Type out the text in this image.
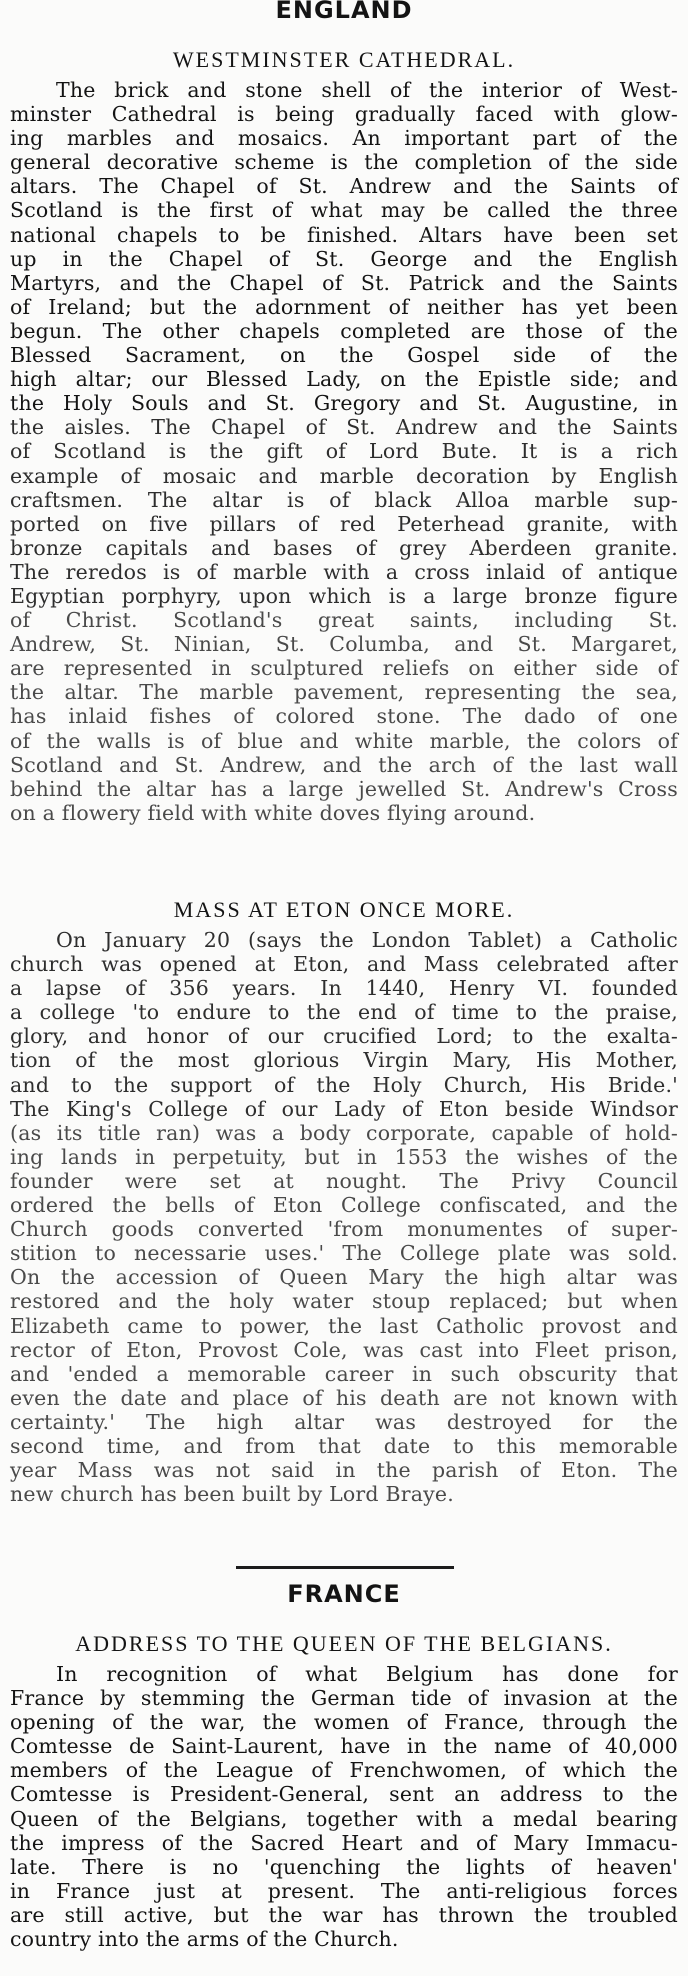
ENGLAND
WESTMINSTER CATHEDRAL.
The brick and stone shell of the interior of West-
minster Cathedral is being gradually faced with glow-
ing marbles and mosaics. An important part of the
general decorative scheme is the completion of the side
altars. The Chapel of St. Andrew and the Saints of
Scotland is the first of what may be called the three
national chapels to be finished. Altars have been set
up in the Chapel of St. George and the English
Martyrs, and the Chapel of St. Patrick and the Saints
of Ireland; but the adornment of neither has yet been
begun. The other chapels completed are those of the
Blessed Sacrament, on the Gospel side of the
high altar; our Blessed Lady, on the Epistle side; and
the Holy Souls and St. Gregory and St. Augustine, in
the aisles. The Chapel of St. Andrew and the Saints
of Scotland is the gift of Lord Bute. It is a rich
example of mosaic and marble decoration by English
craftsmen. The altar is of black Alloa marble sup-
ported on five pillars of red Peterhead granite, with
bronze capitals and bases of grey Aberdeen granite.
The reredos is of marble with a cross inlaid of antique
Egyptian porphyry, upon which is a large bronze figure
of Christ. Scotland's great saints, including St.
Andrew, St. Ninian, St. Columba, and St. Margaret,
are represented in sculptured reliefs on either side of
the altar. The marble pavement, representing the sea,
has inlaid fishes of colored stone. The dado of one
of the walls is of blue and white marble, the colors of
Scotland and St. Andrew, and the arch of the last wall
behind the altar has a large jewelled St. Andrew's Cross
on a flowery field with white doves flying around.
MASS AT ETON ONCE MORE.
On January 20 (says the London Tablet) a Catholic
church was opened at Eton, and Mass celebrated after
a lapse of 356 years. In 1440, Henry VI. founded
a college 'to endure to the end of time to the praise,
glory, and honor of our crucified Lord; to the exalta-
tion of the most glorious Virgin Mary, His Mother,
and to the support of the Holy Church, His Bride.'
The King's College of our Lady of Eton beside Windsor
(as its title ran) was a body corporate, capable of hold-
ing lands in perpetuity, but in 1553 the wishes of the
founder were set at nought. The Privy Council
ordered the bells of Eton College confiscated, and the
Church goods converted 'from monumentes of super-
stition to necessarie uses.' The College plate was sold.
On the accession of Queen Mary the high altar was
restored and the holy water stoup replaced; but when
Elizabeth came to power, the last Catholic provost and
rector of Eton, Provost Cole, was cast into Fleet prison,
and 'ended a memorable career in such obscurity that
even the date and place of his death are not known with
certainty.' The high altar was destroyed for the
second time, and from that date to this memorable
year Mass was not said in the parish of Eton. The
new church has been built by Lord Braye.
FRANCE
ADDRESS TO THE QUEEN OF THE BELGIANS.
In recognition of what Belgium has done for
France by stemming the German tide of invasion at the
opening of the war, the women of France, through the
Comtesse de Saint-Laurent, have in the name of 40,000
members of the League of Frenchwomen, of which the
Comtesse is President-General, sent an address to the
Queen of the Belgians, together with a medal bearing
the impress of the Sacred Heart and of Mary Immacu-
late. There is no 'quenching the lights of heaven'
in France just at present. The anti-religious forces
are still active, but the war has thrown the troubled
country into the arms of the Church.
